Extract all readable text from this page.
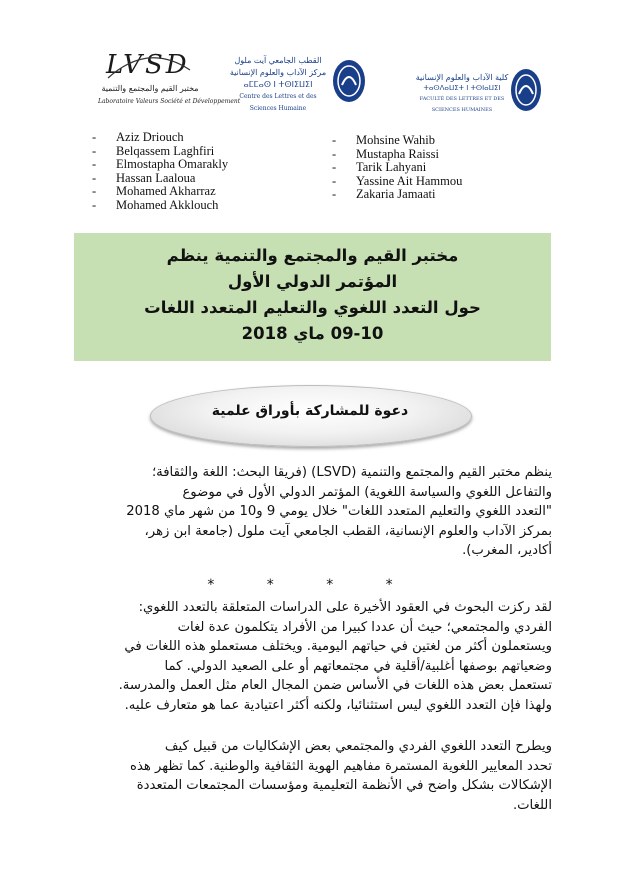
LVSD
مختبر القيم والمجتمع والتنمية
Laboratoire Valeurs Société et Développement
القطب الجامعي آيت ملول
مركز الآداب والعلوم الإنسانية
ⴰⵎⵎⴰⵙ ⵏ ⵜⵙⵏⵉⵡⵉⵏ
Centre des Lettres et des Sciences Humaine
كلية الآداب والعلوم الإنسانية
ⵜⴰⵙⴷⴰⵡⵉⵜ ⵏ ⵜⵙⵏⴰⵡⵉⵏ
FACULTÉ DES LETTRES ET DES SCIENCES HUMAINES
- Aziz Driouch
- Belqassem Laghfiri
- Elmostapha Omarakly
- Hassan Laaloua
- Mohamed Akharraz
- Mohamed Akklouch
- Mohsine Wahib
- Mustapha Raissi
- Tarik Lahyani
- Yassine Ait Hammou
- Zakaria Jamaati
مختبر القيم والمجتمع والتنمية ينظم
المؤتمر الدولي الأول
حول التعدد اللغوي والتعليم المتعدد اللغات
09-10 ماي 2018
دعوة للمشاركة بأوراق علمية
ينظم مختبر القيم والمجتمع والتنمية (LSVD) (فريقا البحث: اللغة والثقافة؛
والتفاعل اللغوي والسياسة اللغوية) المؤتمر الدولي الأول في موضوع
"التعدد اللغوي والتعليم المتعدد اللغات" خلال يومي 9 و10 من شهر ماي 2018
بمركز الآداب والعلوم الإنسانية، القطب الجامعي آيت ملول (جامعة ابن زهر،
أكادير، المغرب).
* * * *
لقد ركزت البحوث في العقود الأخيرة على الدراسات المتعلقة بالتعدد اللغوي:
الفردي والمجتمعي؛ حيث أن عددا كبيرا من الأفراد يتكلمون عدة لغات
ويستعملون أكثر من لغتين في حياتهم اليومية. ويختلف مستعملو هذه اللغات في
وضعياتهم بوصفها أغلبية/أقلية في مجتمعاتهم أو على الصعيد الدولي. كما
تستعمل بعض هذه اللغات في الأساس ضمن المجال العام مثل العمل والمدرسة.
ولهذا فإن التعدد اللغوي ليس استثنائيا، ولكنه أكثر اعتيادية عما هو متعارف عليه.
ويطرح التعدد اللغوي الفردي والمجتمعي بعض الإشكاليات من قبيل كيف
تحدد المعايير اللغوية المستمرة مفاهيم الهوية الثقافية والوطنية. كما تظهر هذه
الإشكالات بشكل واضح في الأنظمة التعليمية ومؤسسات المجتمعات المتعددة
اللغات.
